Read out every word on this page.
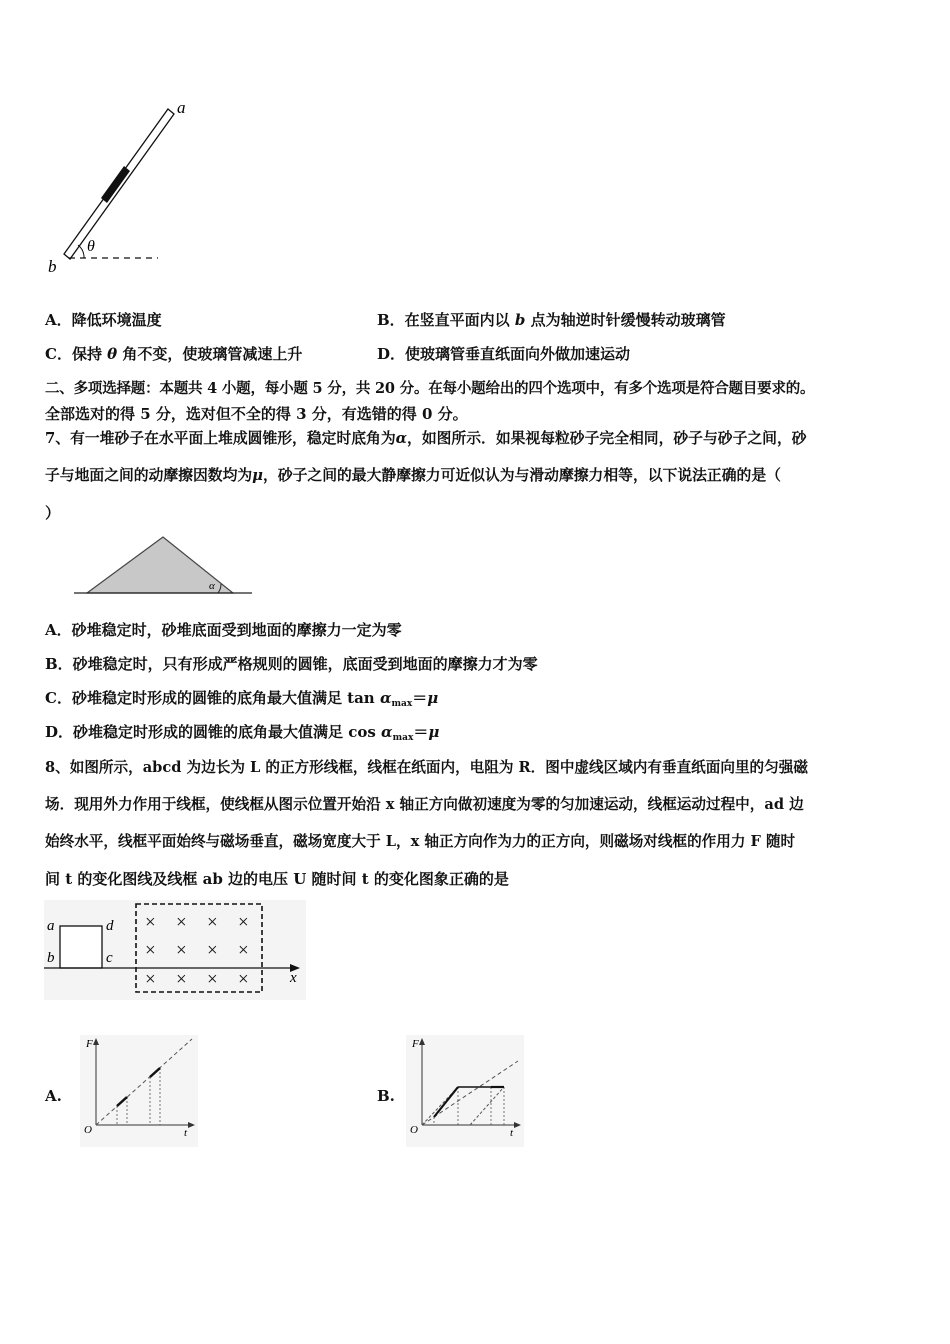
a
b
θ
A．降低环境温度	B．在竖直平面内以 b 点为轴逆时针缓慢转动玻璃管
C．保持 θ 角不变，使玻璃管减速上升	D．使玻璃管垂直纸面向外做加速运动
二、多项选择题：本题共 4 小题，每小题 5 分，共 20 分。在每小题给出的四个选项中，有多个选项是符合题目要求的。
全部选对的得 5 分，选对但不全的得 3 分，有选错的得 0 分。
7、有一堆砂子在水平面上堆成圆锥形，稳定时底角为α，如图所示．如果视每粒砂子完全相同，砂子与砂子之间，砂
子与地面之间的动摩擦因数均为μ，砂子之间的最大静摩擦力可近似认为与滑动摩擦力相等，以下说法正确的是（
）
α
A．砂堆稳定时，砂堆底面受到地面的摩擦力一定为零
B．砂堆稳定时，只有形成严格规则的圆锥，底面受到地面的摩擦力才为零
C．砂堆稳定时形成的圆锥的底角最大值满足 $\tan \alpha_{max}=\mu$
D．砂堆稳定时形成的圆锥的底角最大值满足 $\cos \alpha_{max}=\mu$
8、如图所示，abcd 为边长为 L 的正方形线框，线框在纸面内，电阻为 R．图中虚线区域内有垂直纸面向里的匀强磁
场．现用外力作用于线框，使线框从图示位置开始沿 x 轴正方向做初速度为零的匀加速运动，线框运动过程中，ad 边
始终水平，线框平面始终与磁场垂直，磁场宽度大于 L，x 轴正方向作为力的正方向，则磁场对线框的作用力 F 随时
间 t 的变化图线及线框 ab 边的电压 U 随时间 t 的变化图象正确的是
× × × ×
× × × ×
× × × ×
a
b	c
d
x
A.
F
O	t
B.
F
O	t
